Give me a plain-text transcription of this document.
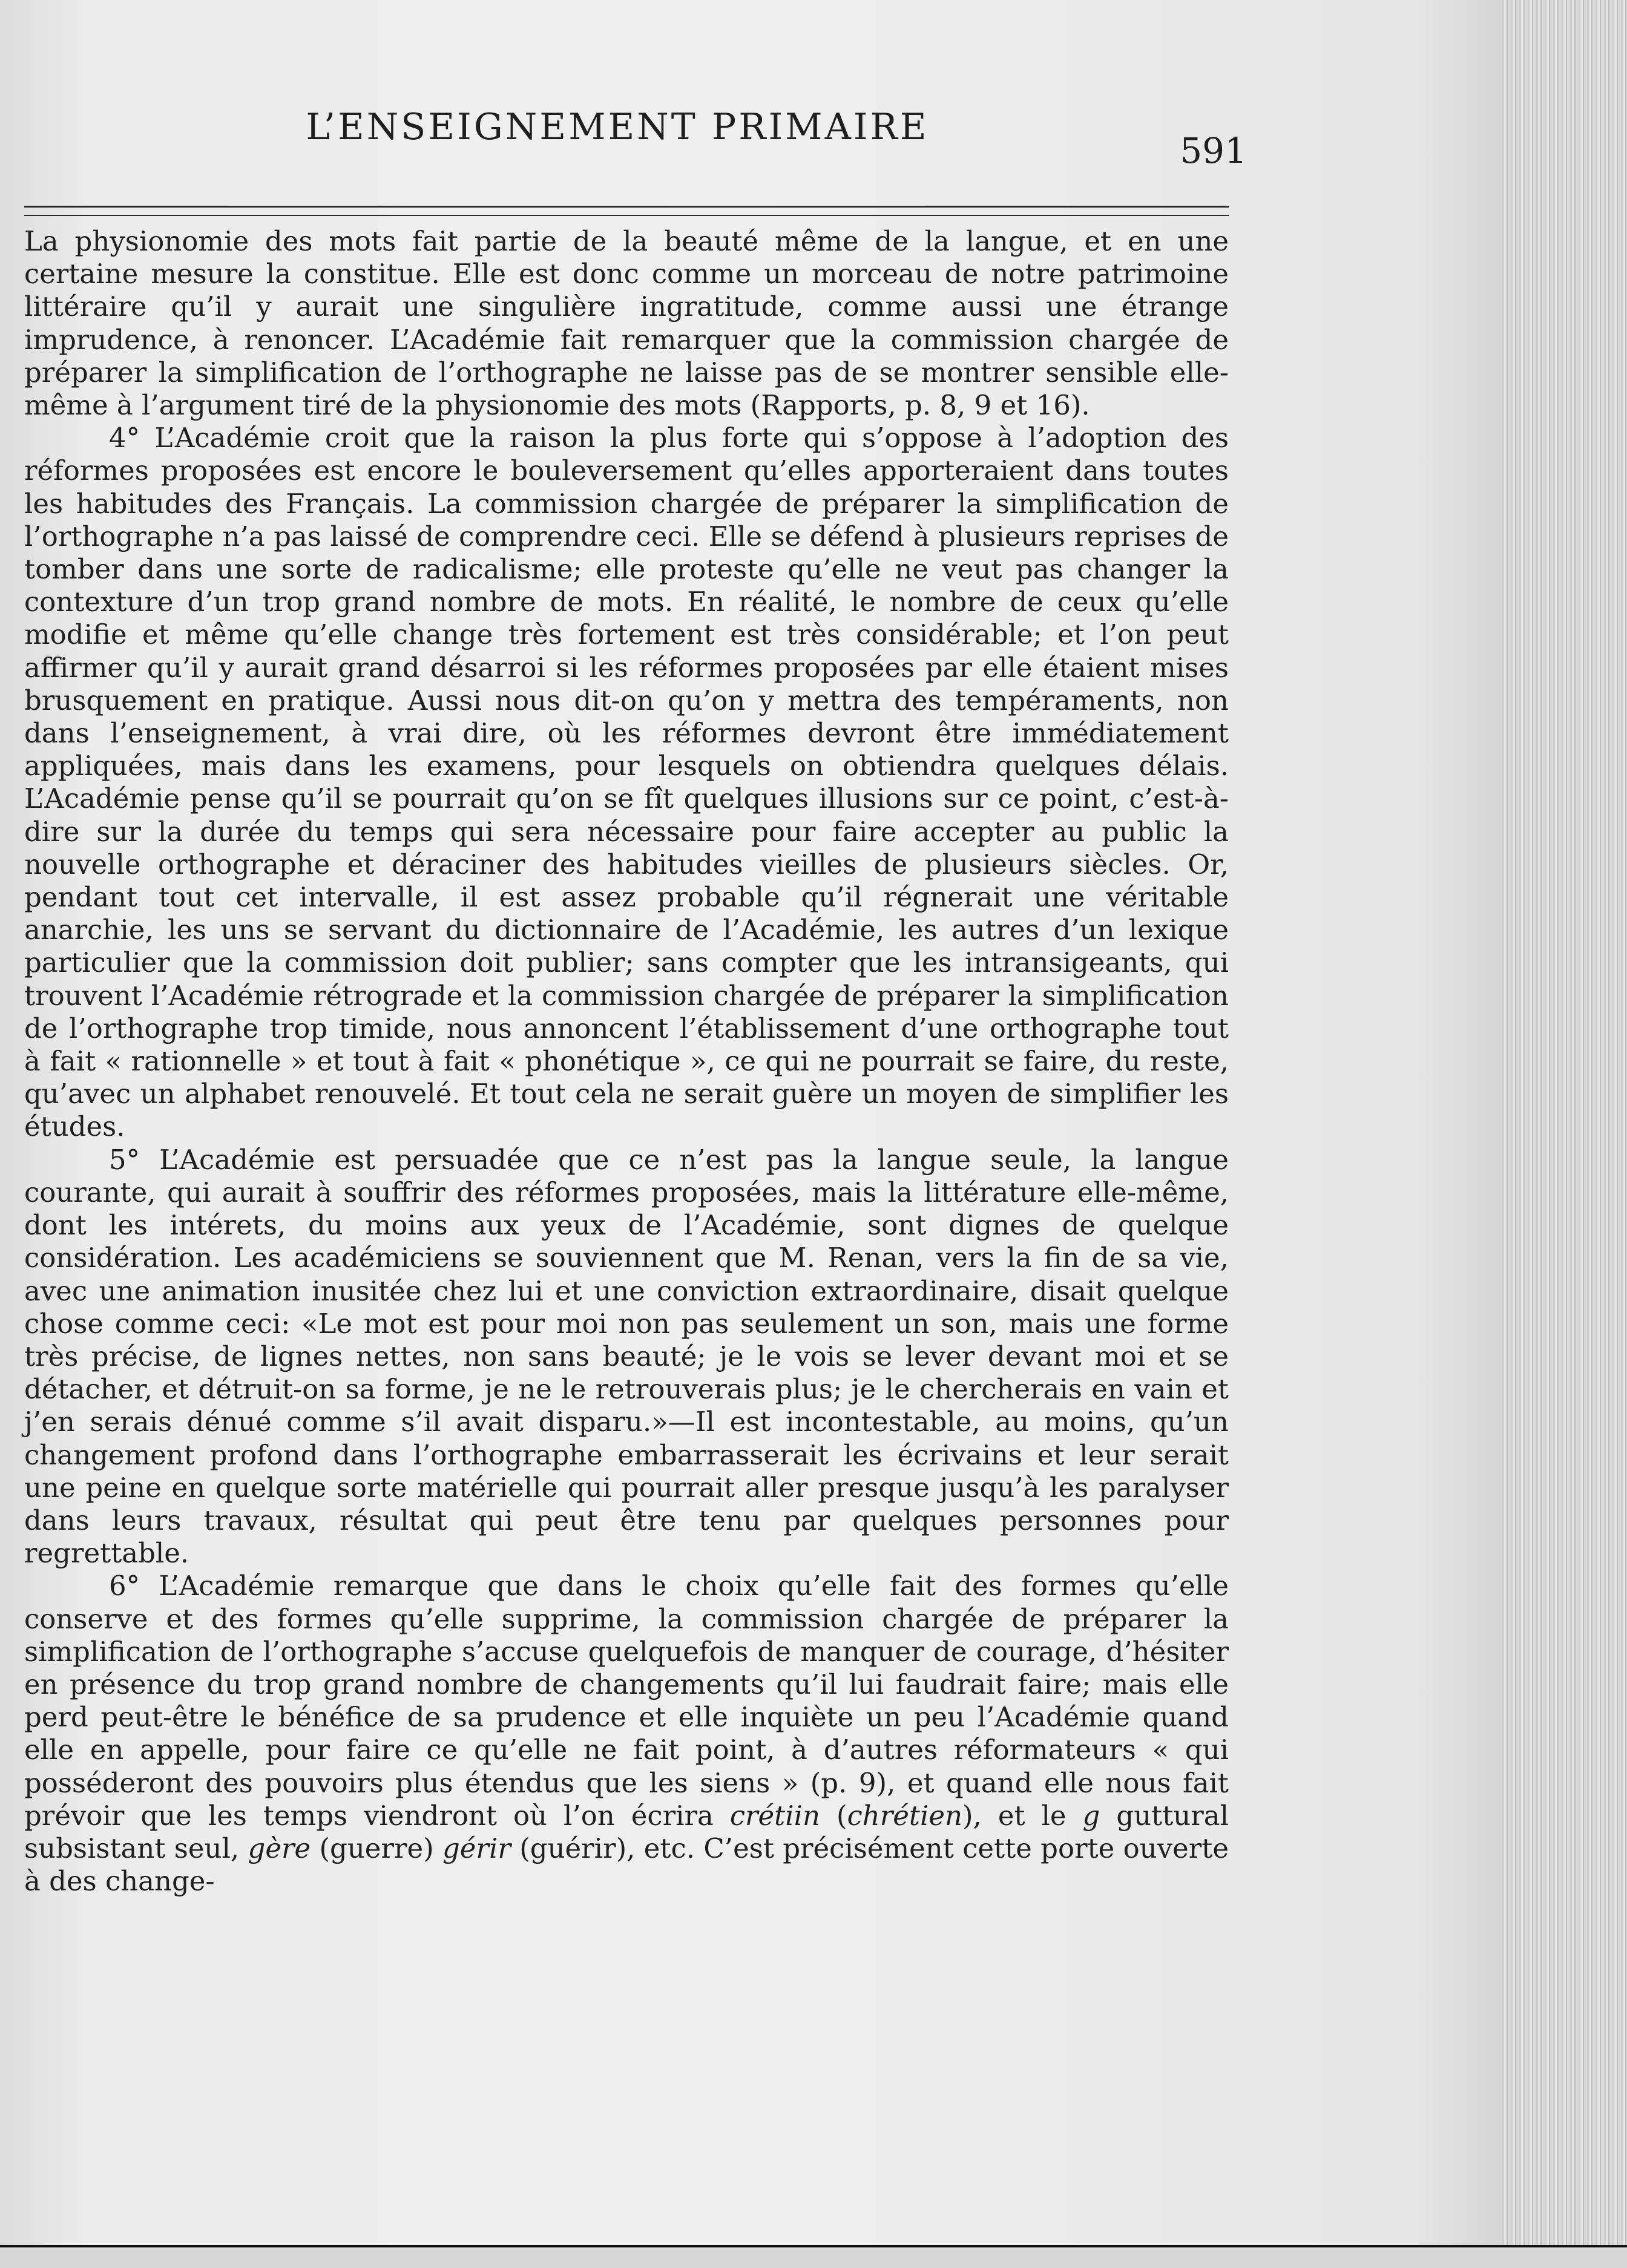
L’ENSEIGNEMENT PRIMAIRE
591

La physionomie des mots fait partie de la beauté même de la langue, et en une certaine mesure la constitue. Elle est donc comme un morceau de notre patrimoine littéraire qu’il y aurait une singulière ingratitude, comme aussi une étrange imprudence, à renoncer. L’Académie fait remarquer que la commission chargée de préparer la simplification de l’orthographe ne laisse pas de se montrer sensible elle-même à l’argument tiré de la physionomie des mots (Rapports, p. 8, 9 et 16).

4° L’Académie croit que la raison la plus forte qui s’oppose à l’adoption des réformes proposées est encore le bouleversement qu’elles apporteraient dans toutes les habitudes des Français. La commission chargée de préparer la simplification de l’orthographe n’a pas laissé de comprendre ceci. Elle se défend à plusieurs reprises de tomber dans une sorte de radicalisme; elle proteste qu’elle ne veut pas changer la contexture d’un trop grand nombre de mots. En réalité, le nombre de ceux qu’elle modifie et même qu’elle change très fortement est très considérable; et l’on peut affirmer qu’il y aurait grand désarroi si les réformes proposées par elle étaient mises brusquement en pratique. Aussi nous dit-on qu’on y mettra des tempéraments, non dans l’enseignement, à vrai dire, où les réformes devront être immédiatement appliquées, mais dans les examens, pour lesquels on obtiendra quelques délais. L’Académie pense qu’il se pourrait qu’on se fît quelques illusions sur ce point, c’est-à-dire sur la durée du temps qui sera nécessaire pour faire accepter au public la nouvelle orthographe et déraciner des habitudes vieilles de plusieurs siècles. Or, pendant tout cet intervalle, il est assez probable qu’il régnerait une véritable anarchie, les uns se servant du dictionnaire de l’Académie, les autres d’un lexique particulier que la commission doit publier; sans compter que les intransigeants, qui trouvent l’Académie rétrograde et la commission chargée de préparer la simplification de l’orthographe trop timide, nous annoncent l’établissement d’une orthographe tout à fait « rationnelle » et tout à fait « phonétique », ce qui ne pourrait se faire, du reste, qu’avec un alphabet renouvelé. Et tout cela ne serait guère un moyen de simplifier les études.

5° L’Académie est persuadée que ce n’est pas la langue seule, la langue courante, qui aurait à souffrir des réformes proposées, mais la littérature elle-même, dont les intérets, du moins aux yeux de l’Académie, sont dignes de quelque considération. Les académiciens se souviennent que M. Renan, vers la fin de sa vie, avec une animation inusitée chez lui et une conviction extraordinaire, disait quelque chose comme ceci: «Le mot est pour moi non pas seulement un son, mais une forme très précise, de lignes nettes, non sans beauté; je le vois se lever devant moi et se détacher, et détruit-on sa forme, je ne le retrouverais plus; je le chercherais en vain et j’en serais dénué comme s’il avait disparu.»—Il est incontestable, au moins, qu’un changement profond dans l’orthographe embarrasserait les écrivains et leur serait une peine en quelque sorte matérielle qui pourrait aller presque jusqu’à les paralyser dans leurs travaux, résultat qui peut être tenu par quelques personnes pour regrettable.

6° L’Académie remarque que dans le choix qu’elle fait des formes qu’elle conserve et des formes qu’elle supprime, la commission chargée de préparer la simplification de l’orthographe s’accuse quelquefois de manquer de courage, d’hésiter en présence du trop grand nombre de changements qu’il lui faudrait faire; mais elle perd peut-être le bénéfice de sa prudence et elle inquiète un peu l’Académie quand elle en appelle, pour faire ce qu’elle ne fait point, à d’autres réformateurs « qui posséderont des pouvoirs plus étendus que les siens » (p. 9), et quand elle nous fait prévoir que les temps viendront où l’on écrira crétiin (chrétien), et le g guttural subsistant seul, gère (guerre) gérir (guérir), etc. C’est précisément cette porte ouverte à des change-
